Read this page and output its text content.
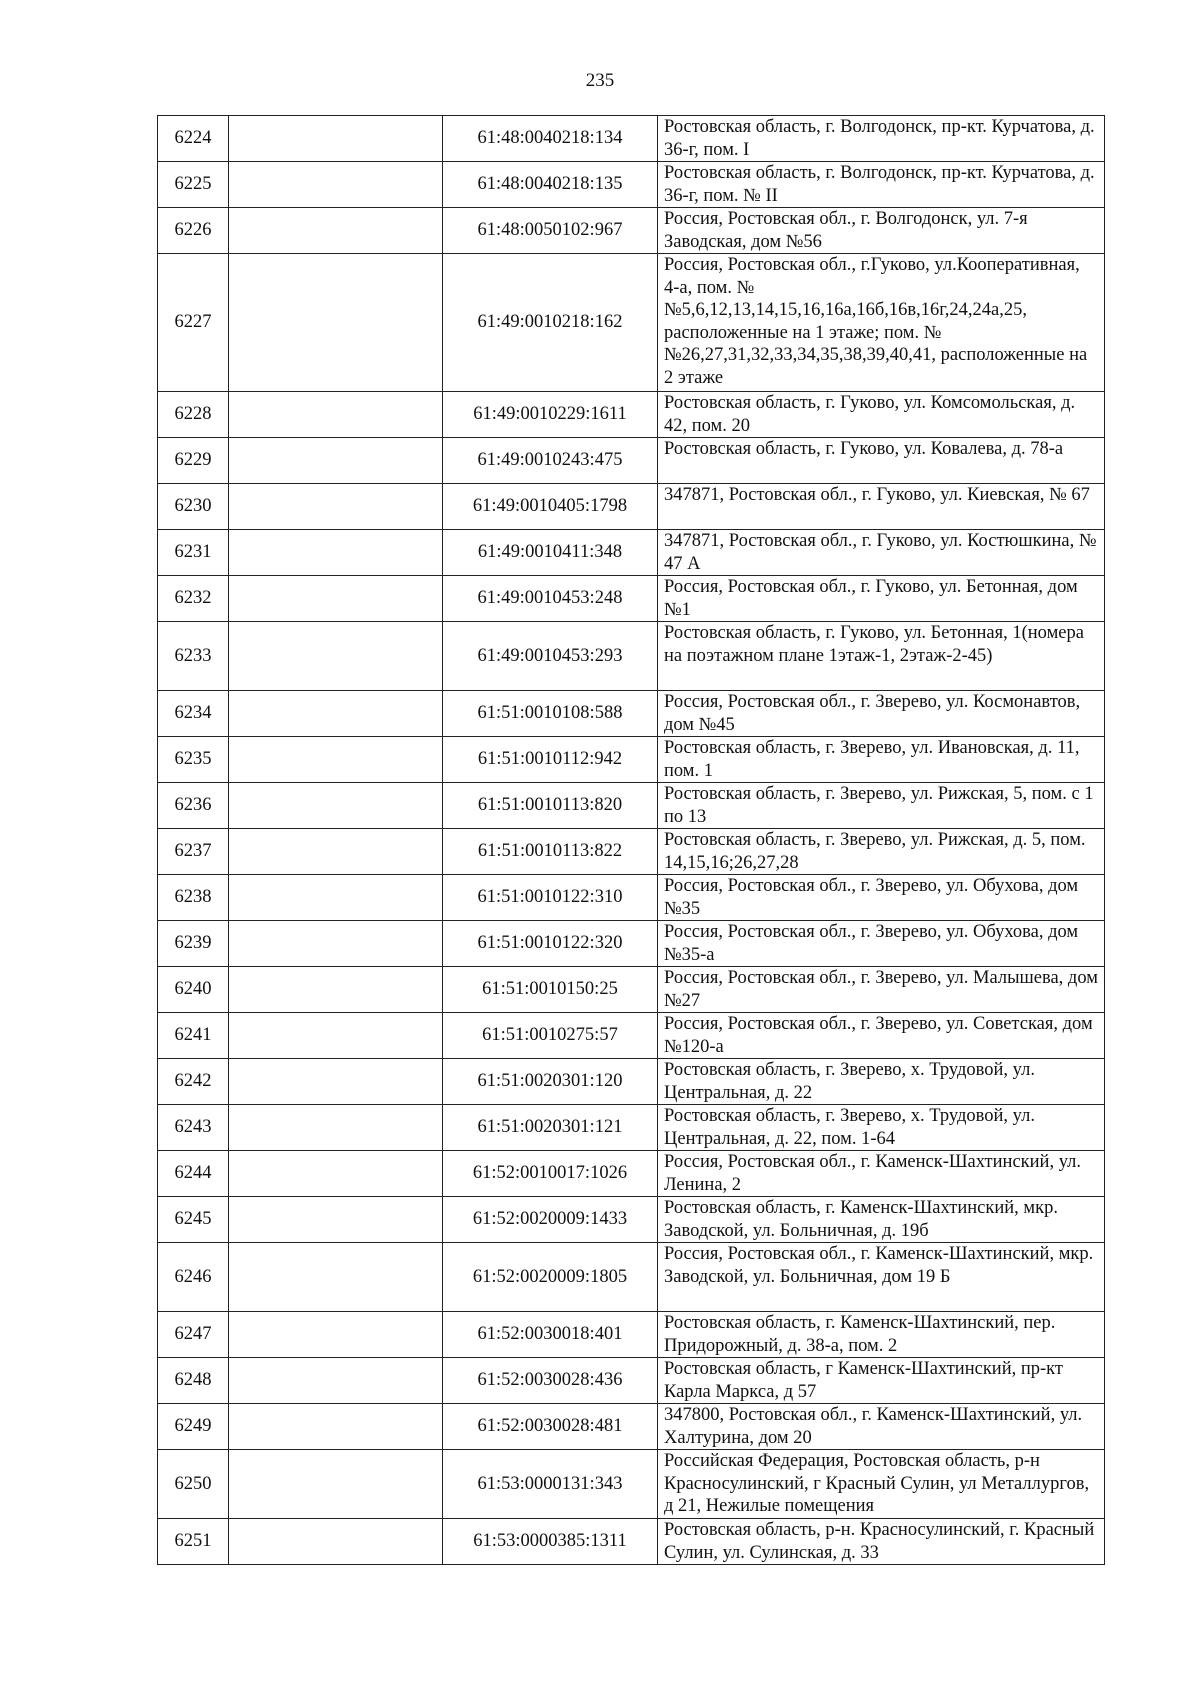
235
6224		61:48:0040218:134	Ростовская область, г. Волгодонск, пр-кт. Курчатова, д. 36-г, пом. I
6225		61:48:0040218:135	Ростовская область, г. Волгодонск, пр-кт. Курчатова, д. 36-г, пом. № II
6226		61:48:0050102:967	Россия, Ростовская обл., г. Волгодонск, ул. 7-я Заводская, дом №56
6227		61:49:0010218:162	Россия, Ростовская обл., г.Гуково, ул.Кооперативная, 4-а, пом. №№5,6,12,13,14,15,16,16а,16б,16в,16г,24,24а,25, расположенные на 1 этаже; пом. №№26,27,31,32,33,34,35,38,39,40,41, расположенные на 2 этаже
6228		61:49:0010229:1611	Ростовская область, г. Гуково, ул. Комсомольская, д. 42, пом. 20
6229		61:49:0010243:475	Ростовская область, г. Гуково, ул. Ковалева, д. 78-а
6230		61:49:0010405:1798	347871, Ростовская обл., г. Гуково, ул. Киевская, № 67
6231		61:49:0010411:348	347871, Ростовская обл., г. Гуково, ул. Костюшкина, № 47 А
6232		61:49:0010453:248	Россия, Ростовская обл., г. Гуково, ул. Бетонная, дом №1
6233		61:49:0010453:293	Ростовская область, г. Гуково, ул. Бетонная, 1(номера на поэтажном плане 1этаж-1, 2этаж-2-45)
6234		61:51:0010108:588	Россия, Ростовская обл., г. Зверево, ул. Космонавтов, дом №45
6235		61:51:0010112:942	Ростовская область, г. Зверево, ул. Ивановская, д. 11, пом. 1
6236		61:51:0010113:820	Ростовская область, г. Зверево, ул. Рижская, 5, пом. с 1 по 13
6237		61:51:0010113:822	Ростовская область, г. Зверево, ул. Рижская, д. 5, пом. 14,15,16;26,27,28
6238		61:51:0010122:310	Россия, Ростовская обл., г. Зверево, ул. Обухова, дом №35
6239		61:51:0010122:320	Россия, Ростовская обл., г. Зверево, ул. Обухова, дом №35-а
6240		61:51:0010150:25	Россия, Ростовская обл., г. Зверево, ул. Малышева, дом №27
6241		61:51:0010275:57	Россия, Ростовская обл., г. Зверево, ул. Советская, дом №120-а
6242		61:51:0020301:120	Ростовская область, г. Зверево, х. Трудовой, ул. Центральная, д. 22
6243		61:51:0020301:121	Ростовская область, г. Зверево, х. Трудовой, ул. Центральная, д. 22, пом. 1-64
6244		61:52:0010017:1026	Россия, Ростовская обл., г. Каменск-Шахтинский, ул. Ленина, 2
6245		61:52:0020009:1433	Ростовская область, г. Каменск-Шахтинский, мкр. Заводской, ул. Больничная, д. 19б
6246		61:52:0020009:1805	Россия, Ростовская обл., г. Каменск-Шахтинский, мкр. Заводской, ул. Больничная, дом 19 Б
6247		61:52:0030018:401	Ростовская область, г. Каменск-Шахтинский, пер. Придорожный, д. 38-а, пом. 2
6248		61:52:0030028:436	Ростовская область, г Каменск-Шахтинский, пр-кт Карла Маркса, д 57
6249		61:52:0030028:481	347800, Ростовская обл., г. Каменск-Шахтинский, ул. Халтурина, дом 20
6250		61:53:0000131:343	Российская Федерация, Ростовская область, р-н Красносулинский, г Красный Сулин, ул Металлургов, д 21, Нежилые помещения
6251		61:53:0000385:1311	Ростовская область, р-н. Красносулинский, г. Красный Сулин, ул. Сулинская, д. 33
